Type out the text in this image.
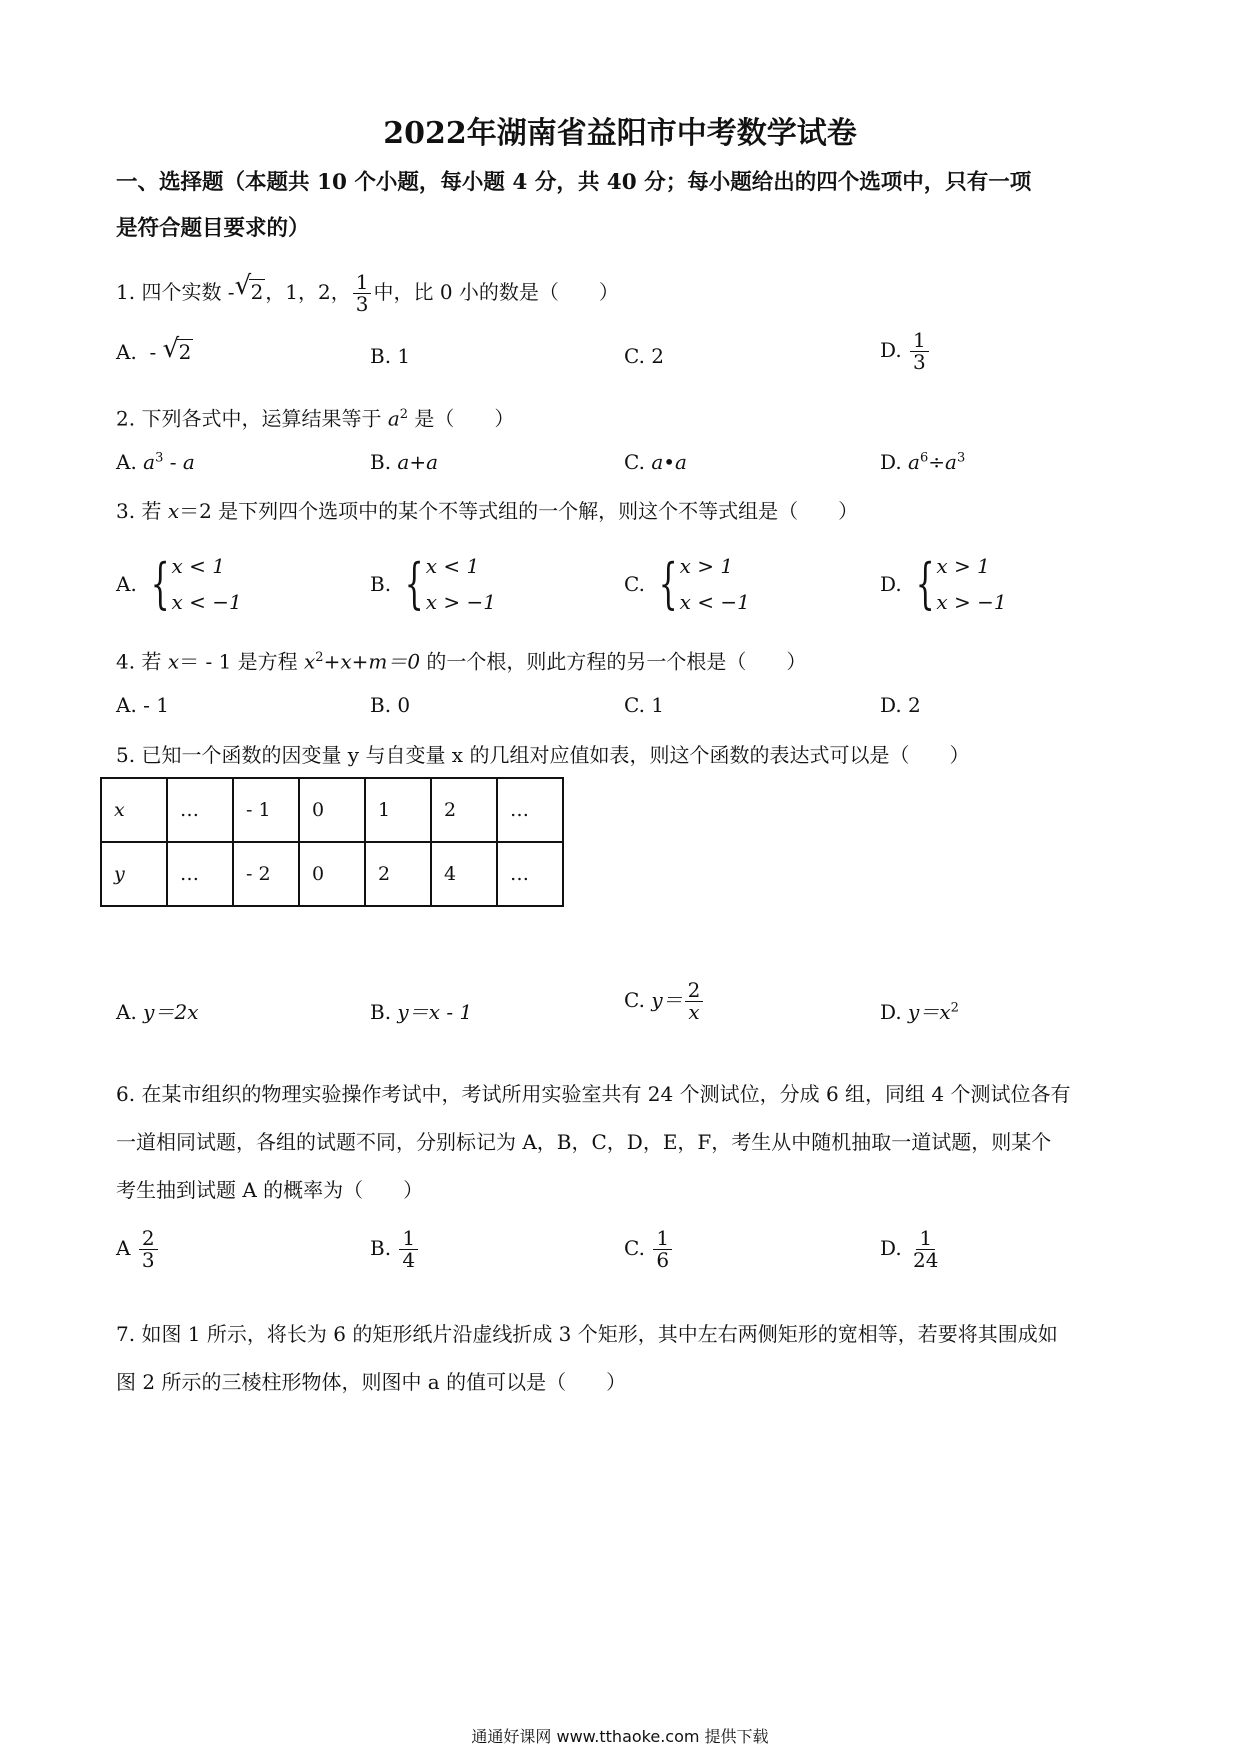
2022年湖南省益阳市中考数学试卷
一、选择题（本题共 10 个小题，每小题 4 分，共 40 分；每小题给出的四个选项中，只有一项
是符合题目要求的）
1. 四个实数 - √ 2 ，1，2， $\frac{1}{3}$ 中，比 0 小的数是（　　）
A. - √ 2	B. 1	C. 2	D. $\frac{1}{3}$
2. 下列各式中，运算结果等于 $a^2$ 是（　　）
A. $a^3$ - a	B. a+a	C. a•a	D. $a^6\div a^3$
3. 若 x＝2 是下列四个选项中的某个不等式组的一个解，则这个不等式组是（　　）
A.
{ x < 1
x < −1
B.
{ x < 1
x > −1
C.
{ x > 1
x < −1
D.
{ x > 1
x > −1
4. 若 x＝ - 1 是方程 $x^2+x+m=0$ 的一个根，则此方程的另一个根是（　　）
A. - 1	B. 0	C. 1	D. 2
5. 已知一个函数的因变量 y 与自变量 x 的几组对应值如表，则这个函数的表达式可以是（　　）
x	…	- 1	0	1	2	…
y	…	- 2	0	2	4	…
A. y＝2x	B. y＝x - 1	C. $y= \frac{2}{x}$	D. $y=x^2$
6. 在某市组织的物理实验操作考试中，考试所用实验室共有 24 个测试位，分成 6 组，同组 4 个测试位各有
一道相同试题，各组的试题不同，分别标记为 A，B，C，D，E，F，考生从中随机抽取一道试题，则某个
考生抽到试题 A 的概率为（　　）
A $\frac{2}{3}$	B. $\frac{1}{4}$	C. $\frac{1}{6}$	D. $\frac{1}{24}$
7. 如图 1 所示，将长为 6 的矩形纸片沿虚线折成 3 个矩形，其中左右两侧矩形的宽相等，若要将其围成如
图 2 所示的三棱柱形物体，则图中 a 的值可以是（　　）
通通好课网 www.tthaoke.com 提供下载
